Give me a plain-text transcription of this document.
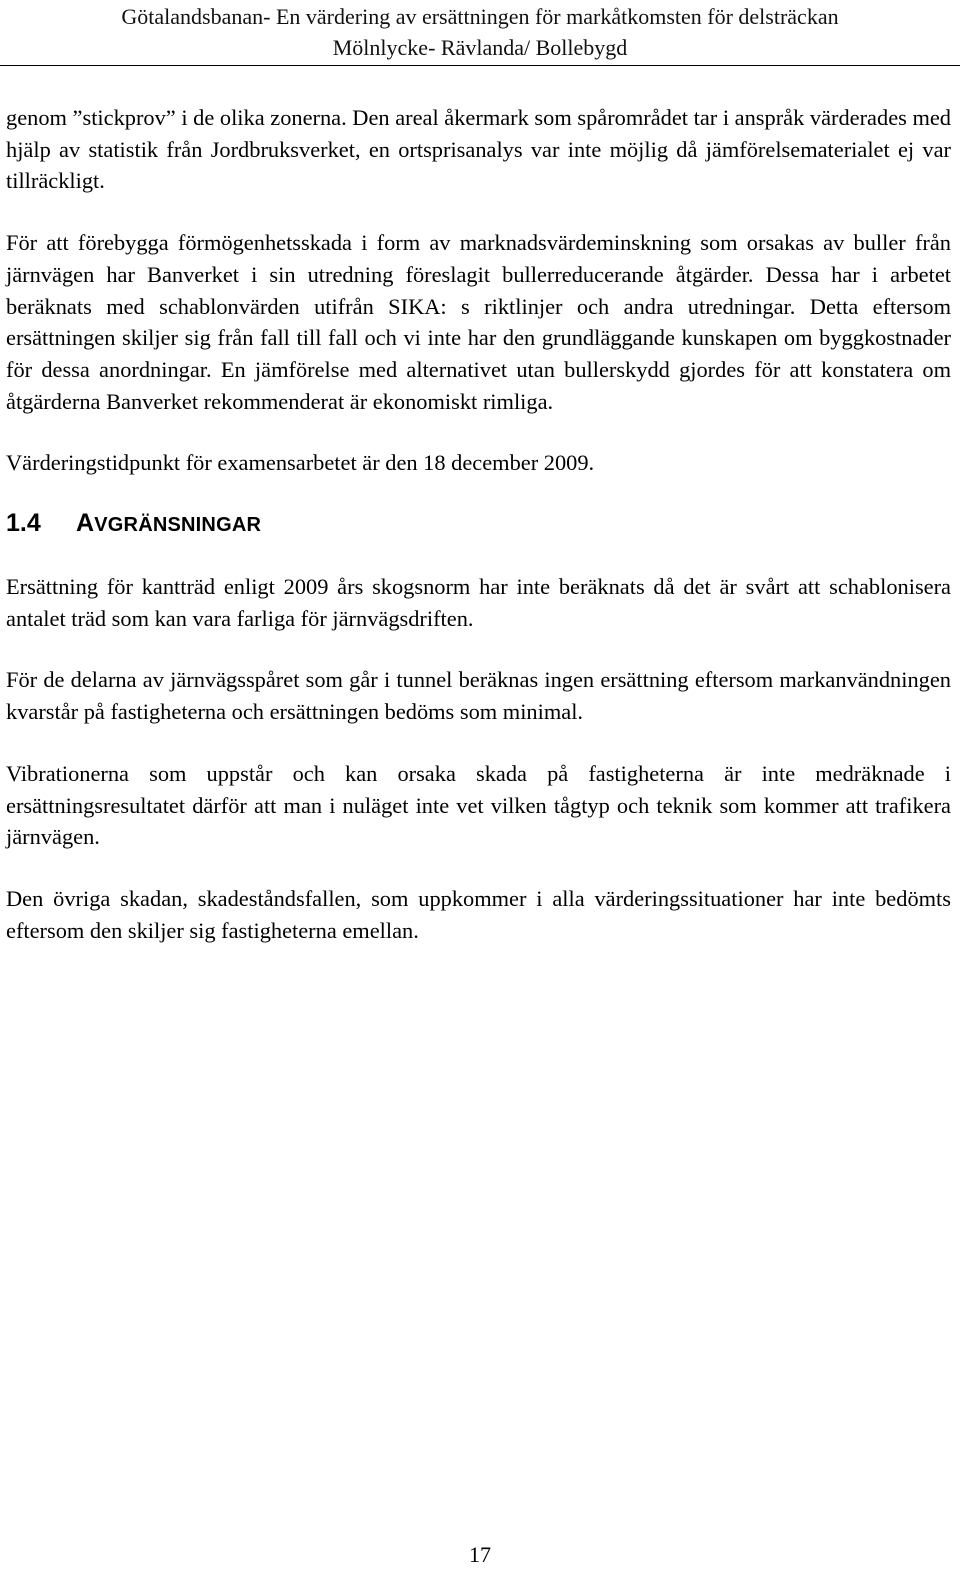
Götalandsbanan- En värdering av ersättningen för markåtkomsten för delsträckan
Mölnlycke- Rävlanda/ Bollebygd

genom ”stickprov” i de olika zonerna. Den areal åkermark som spårområdet tar i anspråk värderades med hjälp av statistik från Jordbruksverket, en ortsprisanalys var inte möjlig då jämförelsematerialet ej var tillräckligt.

För att förebygga förmögenhetsskada i form av marknadsvärdeminskning som orsakas av buller från järnvägen har Banverket i sin utredning föreslagit bullerreducerande åtgärder. Dessa har i arbetet beräknats med schablonvärden utifrån SIKA: s riktlinjer och andra utredningar. Detta eftersom ersättningen skiljer sig från fall till fall och vi inte har den grundläggande kunskapen om byggkostnader för dessa anordningar. En jämförelse med alternativet utan bullerskydd gjordes för att konstatera om åtgärderna Banverket rekommenderat är ekonomiskt rimliga.

Värderingstidpunkt för examensarbetet är den 18 december 2009.

1.4	AVGRÄNSNINGAR

Ersättning för kantträd enligt 2009 års skogsnorm har inte beräknats då det är svårt att schablonisera antalet träd som kan vara farliga för järnvägsdriften.

För de delarna av järnvägsspåret som går i tunnel beräknas ingen ersättning eftersom markanvändningen kvarstår på fastigheterna och ersättningen bedöms som minimal.

Vibrationerna som uppstår och kan orsaka skada på fastigheterna är inte medräknade i ersättningsresultatet därför att man i nuläget inte vet vilken tågtyp och teknik som kommer att trafikera järnvägen.

Den övriga skadan, skadeståndsfallen, som uppkommer i alla värderingssituationer har inte bedömts eftersom den skiljer sig fastigheterna emellan.

17
